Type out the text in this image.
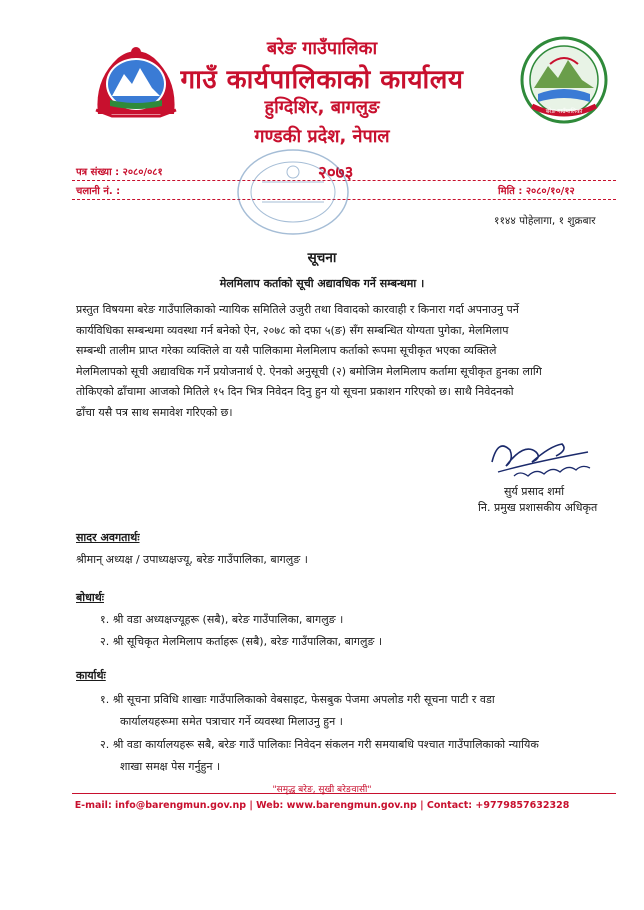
बरेङ गाउँपालिका
बरेङ गाउँपालिका
गाउँ कार्यपालिकाको कार्यालय
हुग्दिशिर, बागलुङ
गण्डकी प्रदेश, नेपाल
पत्र संख्या : २०८०/०८१	२०७३
चलानी नं. :	मिति : २०८०/१०/१२
११४४ पोहेलागा, १ शुक्रबार
सूचना
मेलमिलाप कर्ताको सूची अद्यावधिक गर्ने सम्बन्धमा ।
प्रस्तुत विषयमा बरेङ गाउँपालिकाको न्यायिक समितिले उजुरी तथा विवादको कारवाही र किनारा गर्दा अपनाउनु पर्ने
कार्यविधिका सम्बन्धमा व्यवस्था गर्न बनेको ऐन, २०७८ को दफा ५(ङ) सँग सम्बन्धित योग्यता पुगेका, मेलमिलाप
सम्बन्धी तालीम प्राप्त गरेका व्यक्तिले वा यसै पालिकामा मेलमिलाप कर्ताको रूपमा सूचीकृत भएका व्यक्तिले
मेलमिलापको सूची अद्यावधिक गर्ने प्रयोजनार्थ ऐ. ऐनको अनुसूची (२) बमोजिम मेलमिलाप कर्तामा सूचीकृत हुनका लागि
तोकिएको ढाँचामा आजको मितिले १५ दिन भित्र निवेदन दिनु हुन यो सूचना प्रकाशन गरिएको छ। साथै निवेदनको
ढाँचा यसै पत्र साथ समावेश गरिएको छ।
सुर्य प्रसाद शर्मा
नि. प्रमुख प्रशासकीय अधिकृत
सादर अवगतार्थः
श्रीमान् अध्यक्ष / उपाध्यक्षज्यू, बरेङ गाउँपालिका, बागलुङ ।
बोधार्थः
१. श्री वडा अध्यक्षज्यूहरू (सबै), बरेङ गाउँपालिका, बागलुङ ।
२. श्री सूचिकृत मेलमिलाप कर्ताहरू (सबै), बरेङ गाउँपालिका, बागलुङ ।
कार्यार्थः
१. श्री सूचना प्रविधि शाखाः गाउँपालिकाको वेबसाइट, फेसबुक पेजमा अपलोड गरी सूचना पाटी र वडा
कार्यालयहरूमा समेत पत्राचार गर्ने व्यवस्था मिलाउनु हुन ।
२. श्री वडा कार्यालयहरू सबै, बरेङ गाउँ पालिकाः निवेदन संकलन गरी समयाबधि पश्चात गाउँपालिकाको न्यायिक
शाखा समक्ष पेस गर्नुहुन ।
"समृद्ध बरेङ, सुखी बरेङवासी"
E-mail: info@barengmun.gov.np | Web: www.barengmun.gov.np | Contact: +9779857632328
